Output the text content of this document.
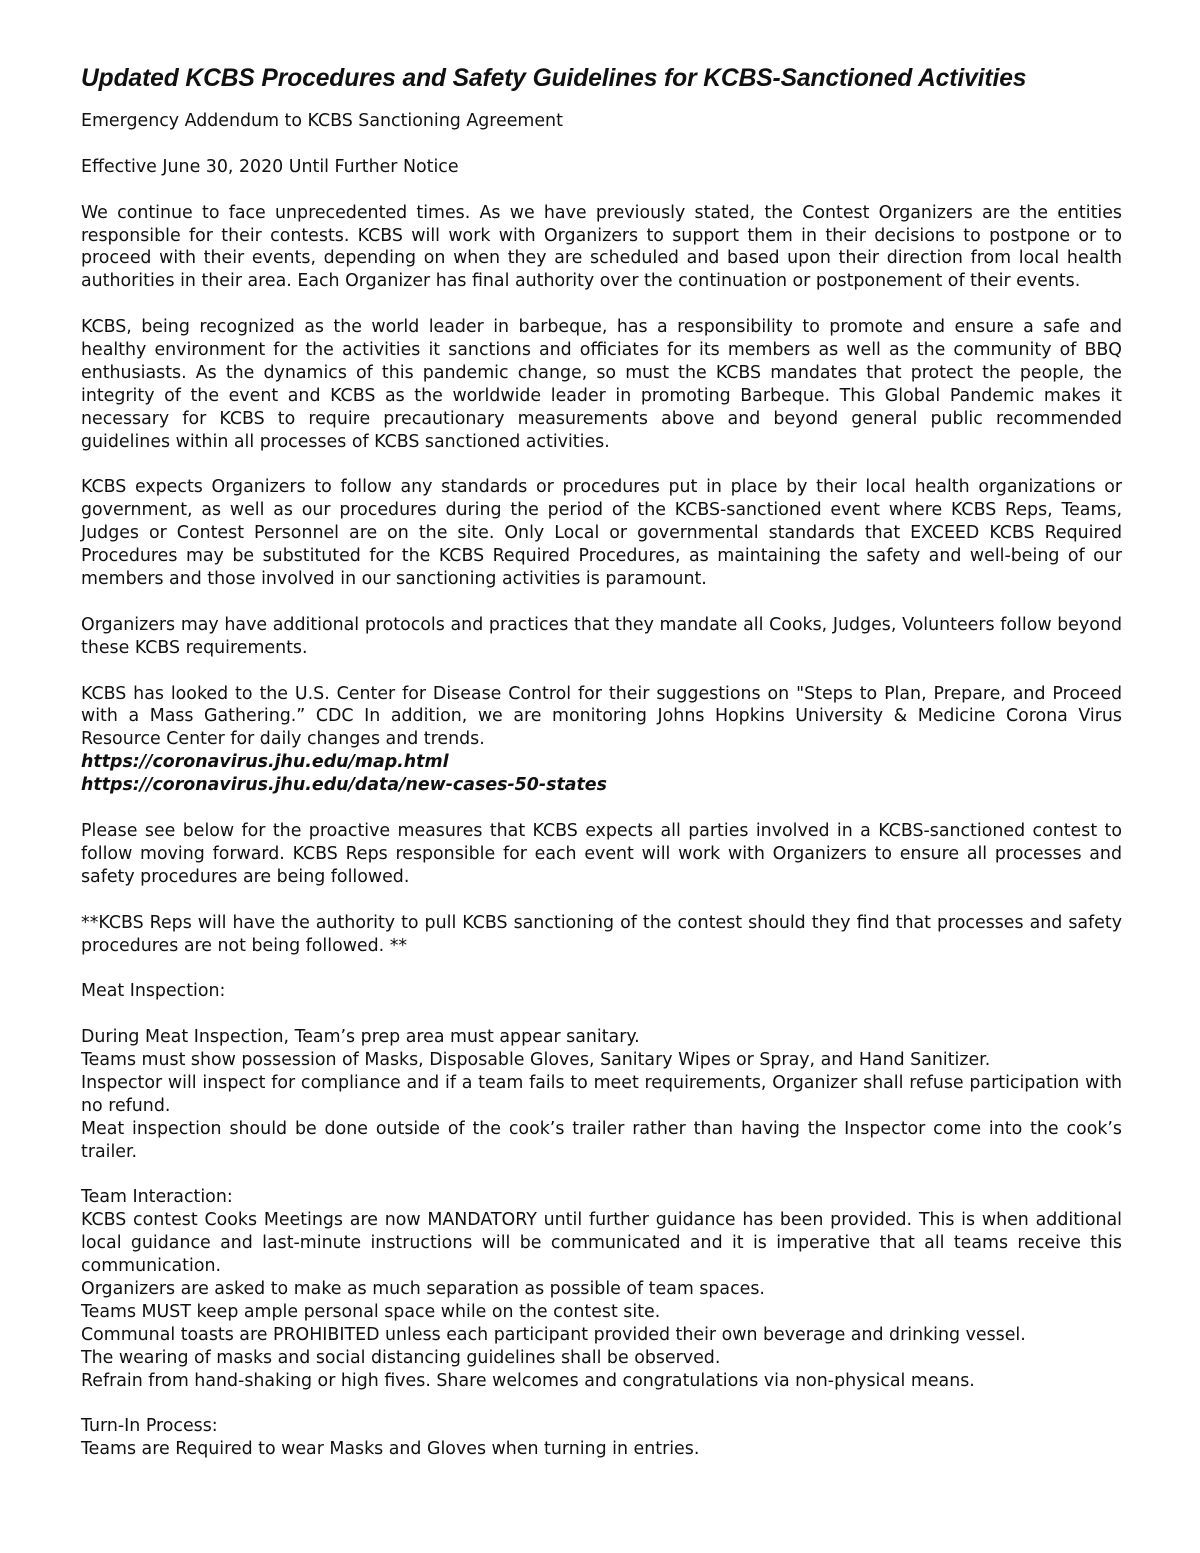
Updated KCBS Procedures and Safety Guidelines for KCBS-Sanctioned Activities

Emergency Addendum to KCBS Sanctioning Agreement

Effective June 30, 2020 Until Further Notice

We continue to face unprecedented times. As we have previously stated, the Contest Organizers are the entities responsible for their contests. KCBS will work with Organizers to support them in their decisions to postpone or to proceed with their events, depending on when they are scheduled and based upon their direction from local health authorities in their area. Each Organizer has final authority over the continuation or postponement of their events.

KCBS, being recognized as the world leader in barbeque, has a responsibility to promote and ensure a safe and healthy environment for the activities it sanctions and officiates for its members as well as the community of BBQ enthusiasts. As the dynamics of this pandemic change, so must the KCBS mandates that protect the people, the integrity of the event and KCBS as the worldwide leader in promoting Barbeque. This Global Pandemic makes it necessary for KCBS to require precautionary measurements above and beyond general public recommended guidelines within all processes of KCBS sanctioned activities.

KCBS expects Organizers to follow any standards or procedures put in place by their local health organizations or government, as well as our procedures during the period of the KCBS-sanctioned event where KCBS Reps, Teams, Judges or Contest Personnel are on the site. Only Local or governmental standards that EXCEED KCBS Required Procedures may be substituted for the KCBS Required Procedures, as maintaining the safety and well-being of our members and those involved in our sanctioning activities is paramount.

Organizers may have additional protocols and practices that they mandate all Cooks, Judges, Volunteers follow beyond these KCBS requirements.

KCBS has looked to the U.S. Center for Disease Control for their suggestions on "Steps to Plan, Prepare, and Proceed with a Mass Gathering.” CDC In addition, we are monitoring Johns Hopkins University & Medicine Corona Virus Resource Center for daily changes and trends.

https://coronavirus.jhu.edu/map.html
https://coronavirus.jhu.edu/data/new-cases-50-states

Please see below for the proactive measures that KCBS expects all parties involved in a KCBS-sanctioned contest to follow moving forward. KCBS Reps responsible for each event will work with Organizers to ensure all processes and safety procedures are being followed.

**KCBS Reps will have the authority to pull KCBS sanctioning of the contest should they find that processes and safety procedures are not being followed. **

Meat Inspection:

During Meat Inspection, Team’s prep area must appear sanitary.

Teams must show possession of Masks, Disposable Gloves, Sanitary Wipes or Spray, and Hand Sanitizer.

Inspector will inspect for compliance and if a team fails to meet requirements, Organizer shall refuse participation with no refund.

Meat inspection should be done outside of the cook’s trailer rather than having the Inspector come into the cook’s trailer.

Team Interaction:

KCBS contest Cooks Meetings are now MANDATORY until further guidance has been provided. This is when additional local guidance and last-minute instructions will be communicated and it is imperative that all teams receive this communication.

Organizers are asked to make as much separation as possible of team spaces.

Teams MUST keep ample personal space while on the contest site.

Communal toasts are PROHIBITED unless each participant provided their own beverage and drinking vessel.

The wearing of masks and social distancing guidelines shall be observed.

Refrain from hand-shaking or high fives. Share welcomes and congratulations via non-physical means.

Turn-In Process:

Teams are Required to wear Masks and Gloves when turning in entries.
